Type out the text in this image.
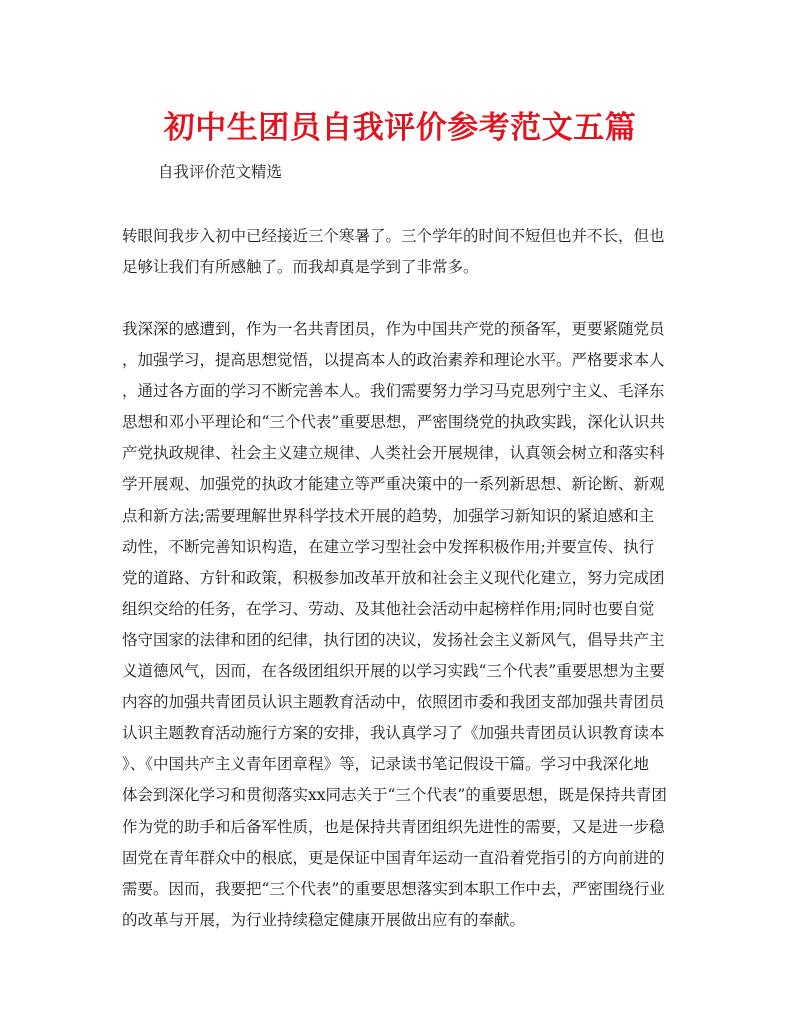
初中生团员自我评价参考范文五篇

自我评价范文精选

转眼间我步入初中已经接近三个寒暑了。三个学年的时间不短但也并不长，但也
足够让我们有所感触了。而我却真是学到了非常多。
我深深的感遭到，作为一名共青团员，作为中国共产党的预备军，更要紧随党员
，加强学习，提高思想觉悟，以提高本人的政治素养和理论水平。严格要求本人
，通过各方面的学习不断完善本人。我们需要努力学习马克思列宁主义、毛泽东
思想和邓小平理论和“三个代表”重要思想，严密围绕党的执政实践，深化认识共
产党执政规律、社会主义建立规律、人类社会开展规律，认真领会树立和落实科
学开展观、加强党的执政才能建立等严重决策中的一系列新思想、新论断、新观
点和新方法;需要理解世界科学技术开展的趋势，加强学习新知识的紧迫感和主
动性，不断完善知识构造，在建立学习型社会中发挥积极作用;并要宣传、执行
党的道路、方针和政策，积极参加改革开放和社会主义现代化建立，努力完成团
组织交给的任务，在学习、劳动、及其他社会活动中起榜样作用;同时也要自觉
恪守国家的法律和团的纪律，执行团的决议，发扬社会主义新风气，倡导共产主
义道德风气，因而，在各级团组织开展的以学习实践“三个代表”重要思想为主要
内容的加强共青团员认识主题教育活动中，依照团市委和我团支部加强共青团员
认识主题教育活动施行方案的安排，我认真学习了《加强共青团员认识教育读本
》、《中国共产主义青年团章程》等，记录读书笔记假设干篇。学习中我深化地
体会到深化学习和贯彻落实xx同志关于“三个代表”的重要思想，既是保持共青团
作为党的助手和后备军性质，也是保持共青团组织先进性的需要，又是进一步稳
固党在青年群众中的根底，更是保证中国青年运动一直沿着党指引的方向前进的
需要。因而，我要把“三个代表”的重要思想落实到本职工作中去，严密围绕行业
的改革与开展，为行业持续稳定健康开展做出应有的奉献。
